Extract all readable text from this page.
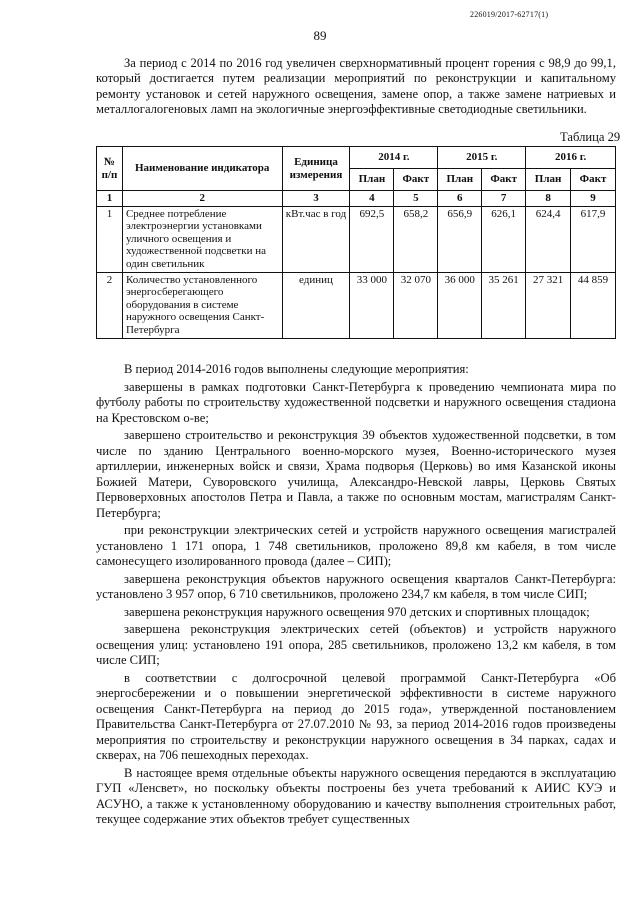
226019/2017-62717(1)
89

За период с 2014 по 2016 год увеличен сверхнормативный процент горения с 98,9 до 99,1, который достигается путем реализации мероприятий по реконструкции и капитальному ремонту установок и сетей наружного освещения, замене опор, а также замене натриевых и металлогалогеновых ламп на экологичные энергоэффективные светодиодные светильники.

Таблица 29
№ п/п	Наименование индикатора	Единица измерения	2014 г.		2015 г.		2016 г.	
			План	Факт	План	Факт	План	Факт
1	2	3	4	5	6	7	8	9
1	Среднее потребление электроэнергии установками уличного освещения и художественной подсветки на один светильник	кВт.час в год	692,5	658,2	656,9	626,1	624,4	617,9
2	Количество установленного энергосберегающего оборудования в системе наружного освещения Санкт-Петербурга	единиц	33 000	32 070	36 000	35 261	27 321	44 859

В период 2014-2016 годов выполнены следующие мероприятия:

завершены в рамках подготовки Санкт-Петербурга к проведению чемпионата мира по футболу работы по строительству художественной подсветки и наружного освещения стадиона на Крестовском о-ве;

завершено строительство и реконструкция 39 объектов художественной подсветки, в том числе по зданию Центрального военно-морского музея, Военно-исторического музея артиллерии, инженерных войск и связи, Храма подворья (Церковь) во имя Казанской иконы Божией Матери, Суворовского училища, Александро-Невской лавры, Церковь Святых Первоверховных апостолов Петра и Павла, а также по основным мостам, магистралям Санкт-Петербурга;

при реконструкции электрических сетей и устройств наружного освещения магистралей установлено 1 171 опора, 1 748 светильников, проложено 89,8 км кабеля, в том числе самонесущего изолированного провода (далее – СИП);

завершена реконструкция объектов наружного освещения кварталов Санкт-Петербурга: установлено 3 957 опор, 6 710 светильников, проложено 234,7 км кабеля, в том числе СИП;

завершена реконструкция наружного освещения 970 детских и спортивных площадок;

завершена реконструкция электрических сетей (объектов) и устройств наружного освещения улиц: установлено 191 опора, 285 светильников, проложено 13,2 км кабеля, в том числе СИП;

в соответствии с долгосрочной целевой программой Санкт-Петербурга «Об энергосбережении и о повышении энергетической эффективности в системе наружного освещения Санкт-Петербурга на период до 2015 года», утвержденной постановлением Правительства Санкт-Петербурга от 27.07.2010 № 93, за период 2014-2016 годов произведены мероприятия по строительству и реконструкции наружного освещения в 34 парках, садах и скверах, на 706 пешеходных переходах.

В настоящее время отдельные объекты наружного освещения передаются в эксплуатацию ГУП «Ленсвет», но поскольку объекты построены без учета требований к АИИС КУЭ и АСУНО, а также к установленному оборудованию и качеству выполнения строительных работ, текущее содержание этих объектов требует существенных
